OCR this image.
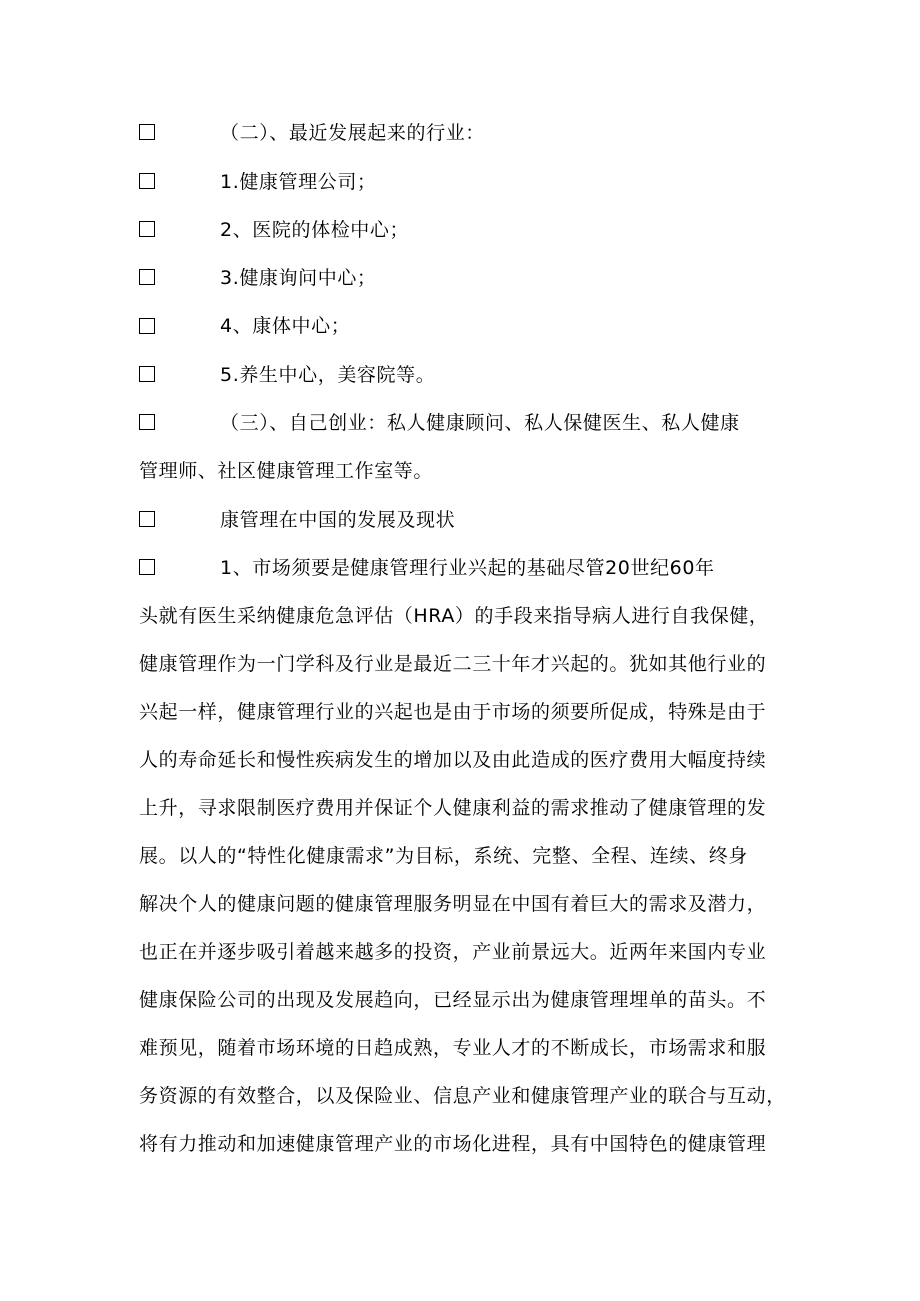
（二）、最近发展起来的行业：
1.健康管理公司；
2、医院的体检中心；
3.健康询问中心；
4、康体中心；
5.养生中心，美容院等。
（三）、自己创业：私人健康顾问、私人保健医生、私人健康
管理师、社区健康管理工作室等。
康管理在中国的发展及现状
1、市场须要是健康管理行业兴起的基础尽管20世纪60年
头就有医生采纳健康危急评估（HRA）的手段来指导病人进行自我保健，
健康管理作为一门学科及行业是最近二三十年才兴起的。犹如其他行业的
兴起一样，健康管理行业的兴起也是由于市场的须要所促成，特殊是由于
人的寿命延长和慢性疾病发生的增加以及由此造成的医疗费用大幅度持续
上升，寻求限制医疗费用并保证个人健康利益的需求推动了健康管理的发
展。以人的“特性化健康需求”为目标，系统、完整、全程、连续、终身
解决个人的健康问题的健康管理服务明显在中国有着巨大的需求及潜力，
也正在并逐步吸引着越来越多的投资，产业前景远大。近两年来国内专业
健康保险公司的出现及发展趋向，已经显示出为健康管理埋单的苗头。不
难预见，随着市场环境的日趋成熟，专业人才的不断成长，市场需求和服
务资源的有效整合，以及保险业、信息产业和健康管理产业的联合与互动，
将有力推动和加速健康管理产业的市场化进程，具有中国特色的健康管理
